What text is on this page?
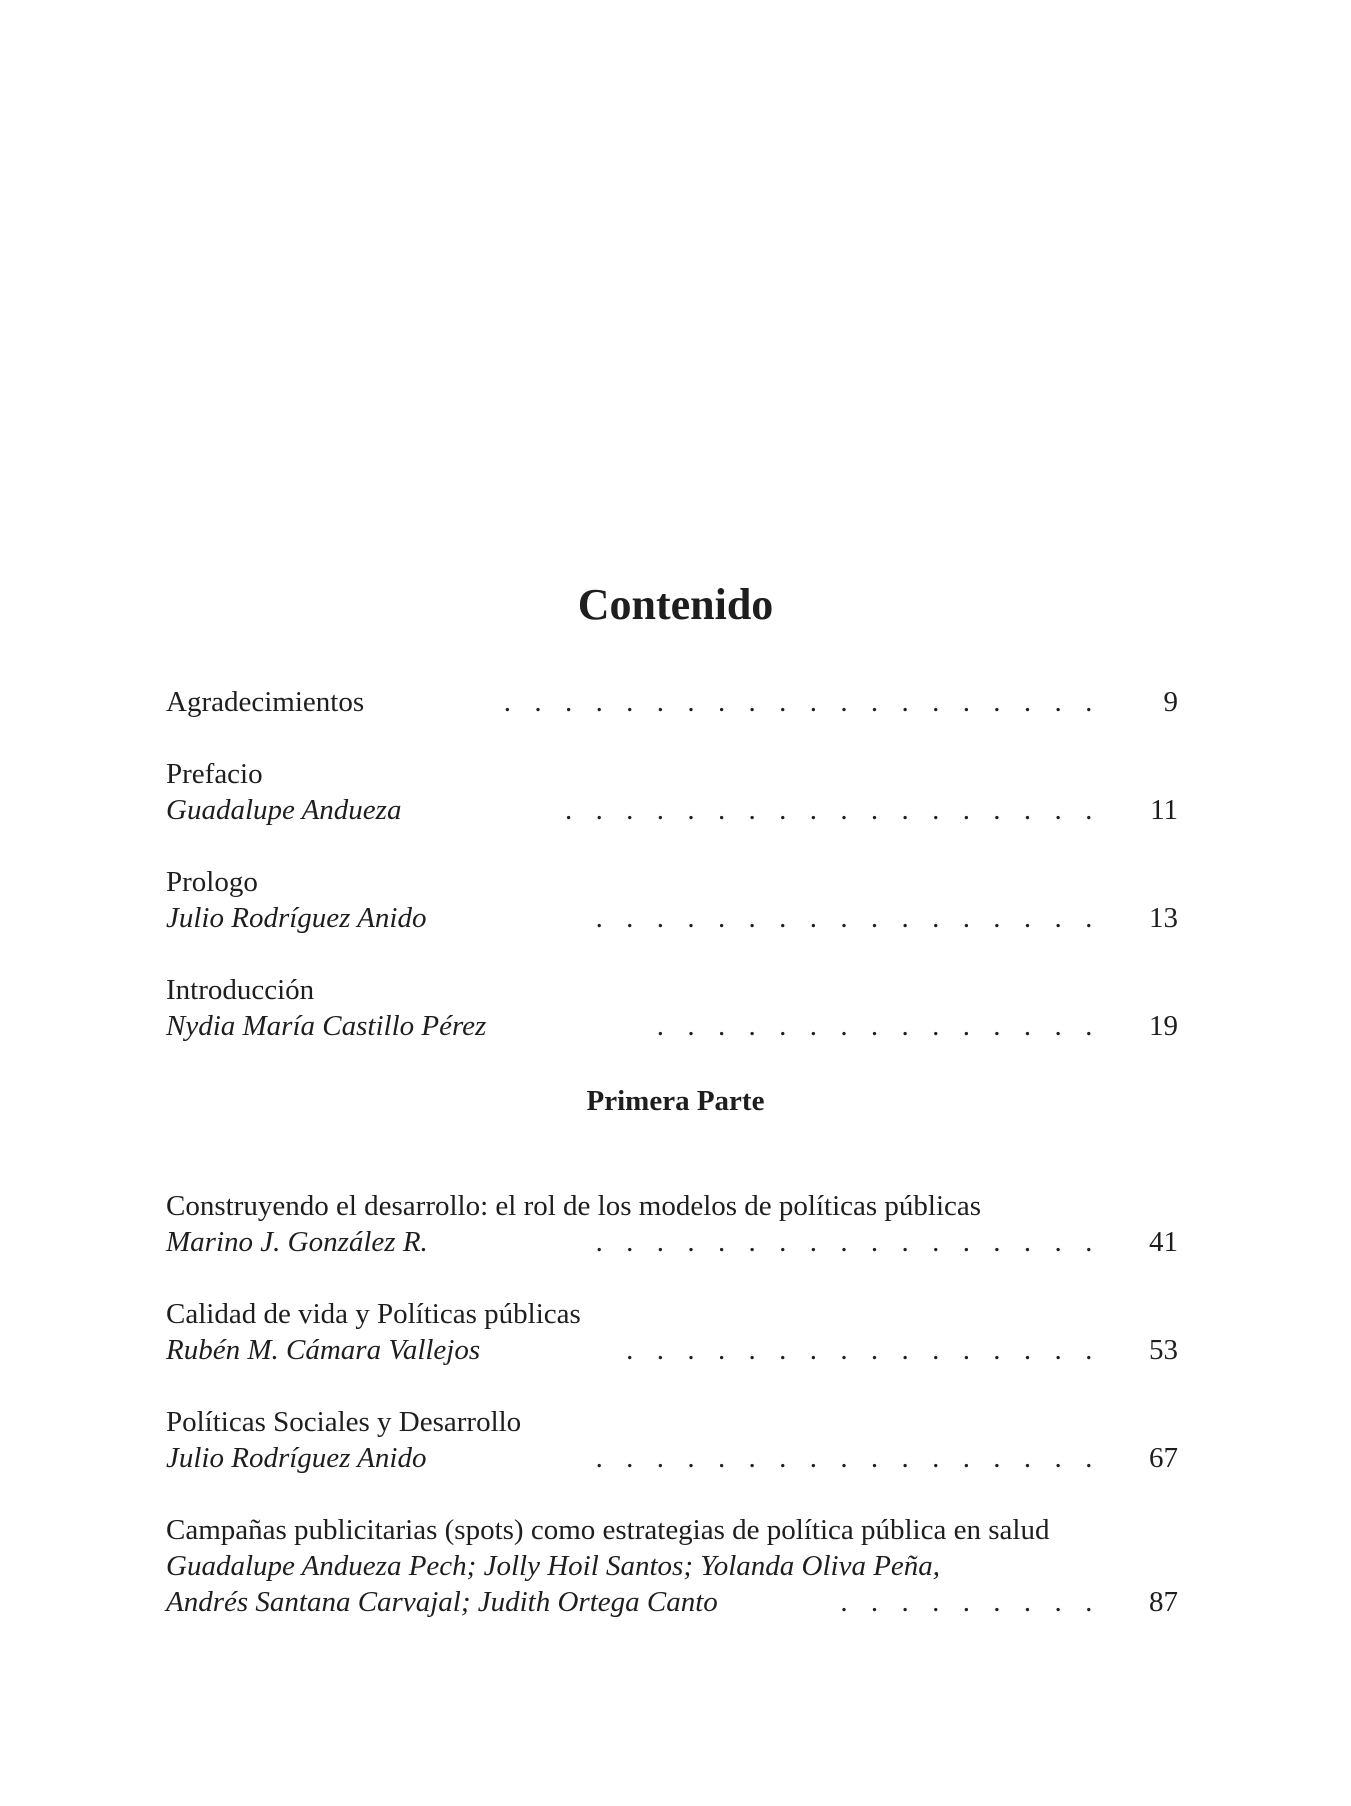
Contenido
Agradecimientos	. . . . . . . . . . . . . . . . . . . .	9
Prefacio
Guadalupe Andueza	. . . . . . . . . . . . . . . . . .	11
Prologo
Julio Rodríguez Anido	. . . . . . . . . . . . . . . . .	13
Introducción
Nydia María Castillo Pérez	. . . . . . . . . . . . . . .	19
Primera Parte
Construyendo el desarrollo: el rol de los modelos de políticas públicas
Marino J. González R.	. . . . . . . . . . . . . . . . .	41
Calidad de vida y Políticas públicas
Rubén M. Cámara Vallejos	. . . . . . . . . . . . . . . .	53
Políticas Sociales y Desarrollo
Julio Rodríguez Anido	. . . . . . . . . . . . . . . . .	67
Campañas publicitarias (spots) como estrategias de política pública en salud
Guadalupe Andueza Pech; Jolly Hoil Santos; Yolanda Oliva Peña,
Andrés Santana Carvajal; Judith Ortega Canto	. . . . . . . . .	87
